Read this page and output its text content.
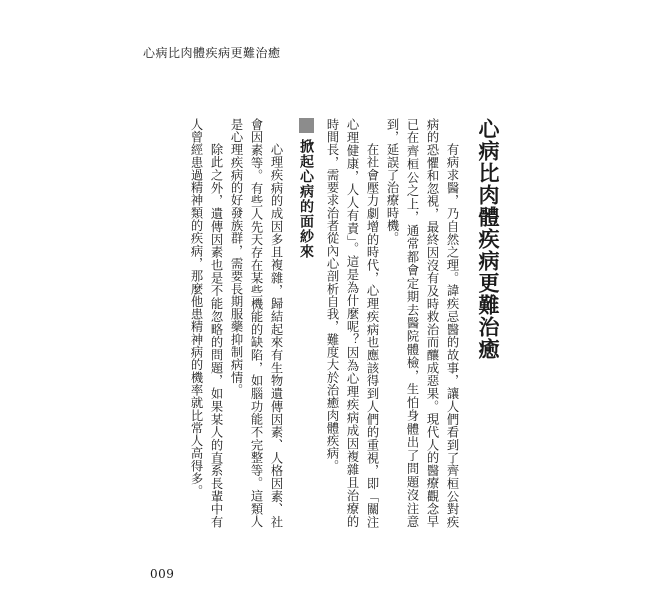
心病比肉體疾病更難治癒
心病比肉體疾病更難治癒

有病求醫，乃自然之理。諱疾忌醫的故事，讓人們看到了齊桓公對疾病的恐懼和忽視，最終因沒有及時救治而釀成惡果。現代人的醫療觀念早已在齊桓公之上，通常都會定期去醫院體檢，生怕身體出了問題沒注意到，延誤了治療時機。

在社會壓力劇增的時代，心理疾病也應該得到人們的重視，即「關注心理健康，人人有責」。這是為什麼呢？因為心理疾病成因複雜且治療的時間長，需要求治者從內心剖析自我，難度大於治癒肉體疾病。

掀起心病的面紗來

心理疾病的成因多且複雜，歸結起來有生物遺傳因素、人格因素、社會因素等。有些人先天存在某些機能的缺陷，如腦功能不完整等。這類人是心理疾病的好發族群，需要長期服藥抑制病情。

除此之外，遺傳因素也是不能忽略的問題，如果某人的直系長輩中有人曾經患過精神類的疾病，那麼他患精神病的機率就比常人高得多。

009
